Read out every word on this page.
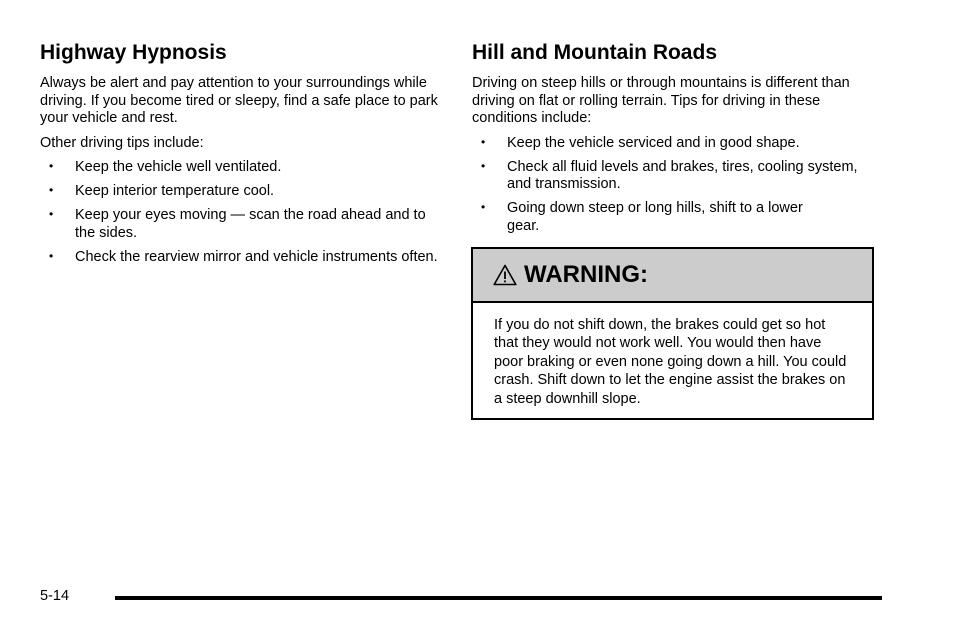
Highway Hypnosis

Always be alert and pay attention to your surroundings while driving. If you become tired or sleepy, find a safe place to park your vehicle and rest.

Other driving tips include:

• Keep the vehicle well ventilated.
• Keep interior temperature cool.
• Keep your eyes moving — scan the road ahead and to the sides.
• Check the rearview mirror and vehicle instruments often.
Hill and Mountain Roads

Driving on steep hills or through mountains is different than driving on flat or rolling terrain. Tips for driving in these conditions include:

• Keep the vehicle serviced and in good shape.
• Check all fluid levels and brakes, tires, cooling system, and transmission.
• Going down steep or long hills, shift to a lower gear.
WARNING:
If you do not shift down, the brakes could get so hot that they would not work well. You would then have poor braking or even none going down a hill. You could crash. Shift down to let the engine assist the brakes on a steep downhill slope.
5-14
